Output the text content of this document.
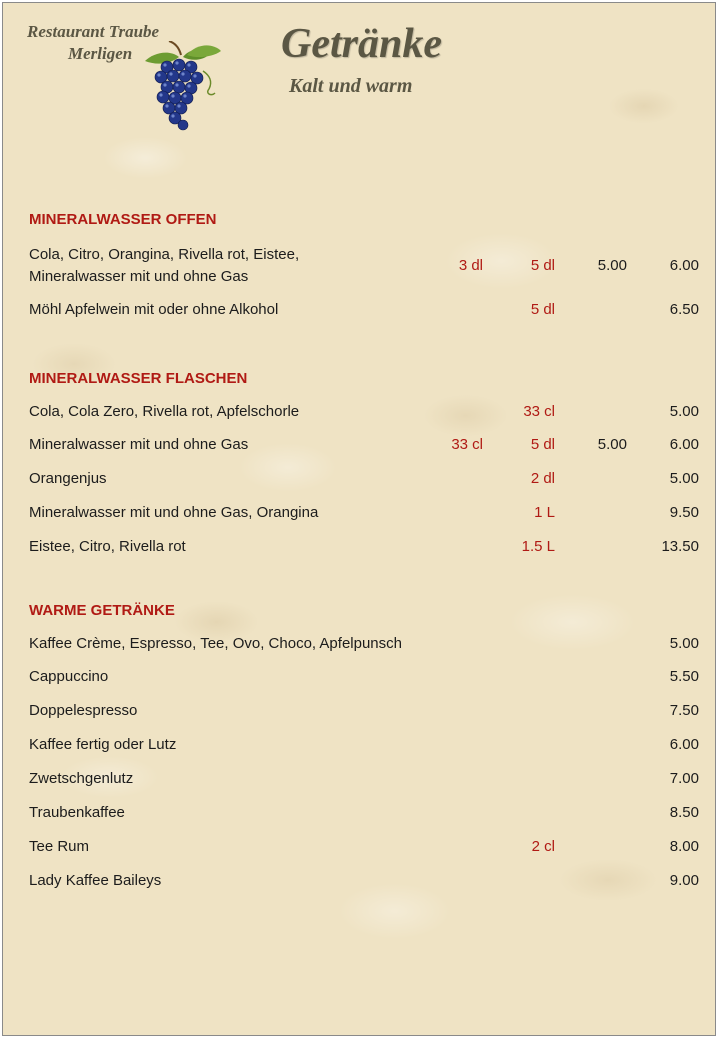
Restaurant Traube
Merligen	Getränke
Kalt und warm
MINERALWASSER OFFEN
Cola, Citro, Orangina, Rivella rot, Eistee,
Mineralwasser mit und ohne Gas
3 dl	5 dl	5.00	6.00
Möhl Apfelwein mit oder ohne Alkohol	5 dl	6.50
MINERALWASSER FLASCHEN
Cola, Cola Zero, Rivella rot, Apfelschorle	33 cl	5.00
Mineralwasser mit und ohne Gas	33 cl	5 dl	5.00	6.00
Orangenjus	2 dl	5.00
Mineralwasser mit und ohne Gas, Orangina	1 L	9.50
Eistee, Citro, Rivella rot	1.5 L	13.50
WARME GETRÄNKE
Kaffee Crème, Espresso, Tee, Ovo, Choco, Apfelpunsch	5.00
Cappuccino	5.50
Doppelespresso	7.50
Kaffee fertig oder Lutz	6.00
Zwetschgenlutz	7.00
Traubenkaffee	8.50
Tee Rum	2 cl	8.00
Lady Kaffee Baileys	9.00
